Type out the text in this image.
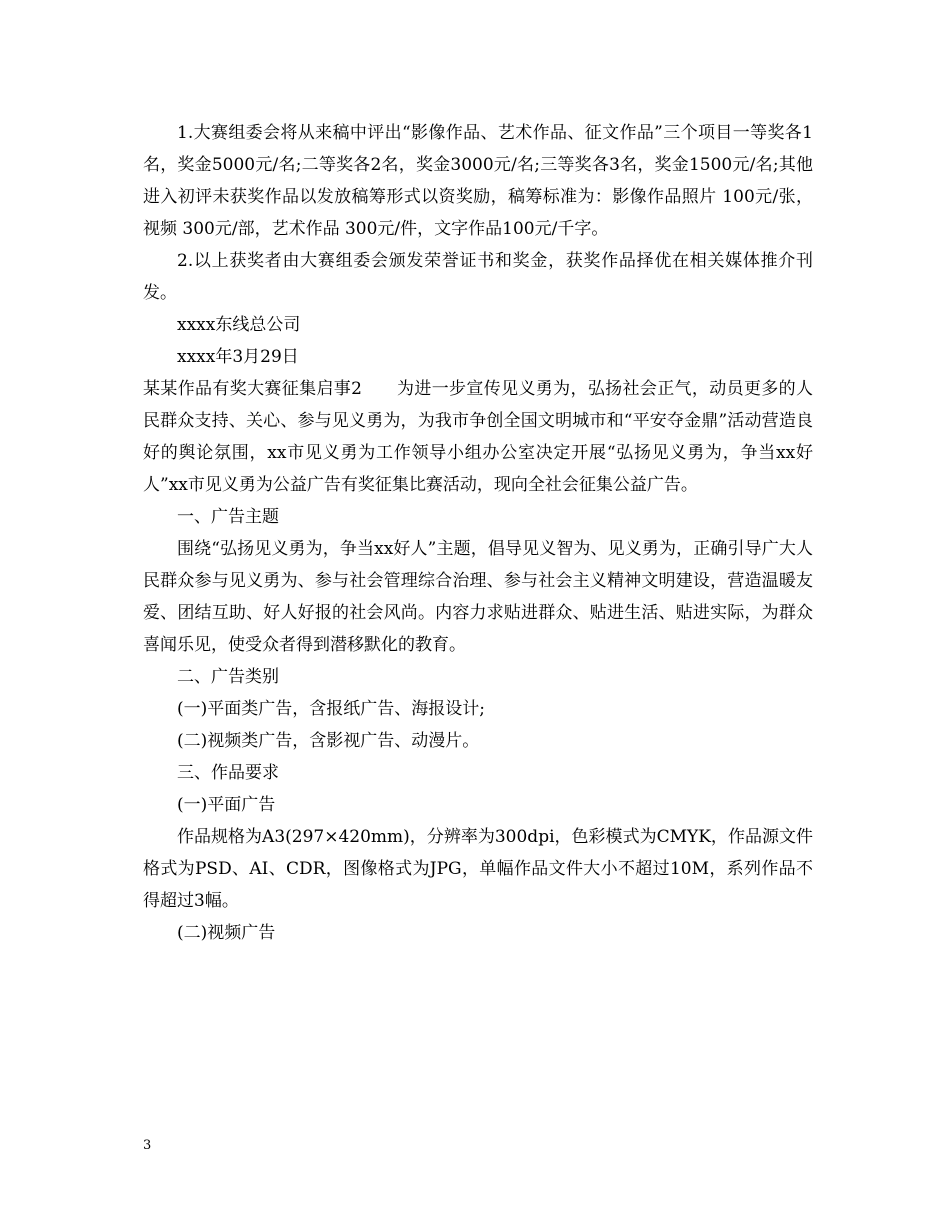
1.大赛组委会将从来稿中评出“影像作品、艺术作品、征文作品”三个项目一等奖各1名，奖金5000元/名;二等奖各2名，奖金3000元/名;三等奖各3名，奖金1500元/名;其他进入初评未获奖作品以发放稿筹形式以资奖励，稿筹标准为：影像作品照片 100元/张，视频 300元/部，艺术作品 300元/件，文字作品100元/千字。

2.以上获奖者由大赛组委会颁发荣誉证书和奖金，获奖作品择优在相关媒体推介刊发。

xxxx东线总公司

xxxx年3月29日

某某作品有奖大赛征集启事2　　为进一步宣传见义勇为，弘扬社会正气，动员更多的人民群众支持、关心、参与见义勇为，为我市争创全国文明城市和“平安夺金鼎”活动营造良好的舆论氛围，xx市见义勇为工作领导小组办公室决定开展“弘扬见义勇为，争当xx好人”xx市见义勇为公益广告有奖征集比赛活动，现向全社会征集公益广告。

一、广告主题

围绕“弘扬见义勇为，争当xx好人”主题，倡导见义智为、见义勇为，正确引导广大人民群众参与见义勇为、参与社会管理综合治理、参与社会主义精神文明建设，营造温暖友爱、团结互助、好人好报的社会风尚。内容力求贴进群众、贴进生活、贴进实际，为群众喜闻乐见，使受众者得到潜移默化的教育。

二、广告类别

(一)平面类广告，含报纸广告、海报设计;

(二)视频类广告，含影视广告、动漫片。

三、作品要求

(一)平面广告

作品规格为A3(297×420mm)，分辨率为300dpi，色彩模式为CMYK，作品源文件格式为PSD、AI、CDR，图像格式为JPG，单幅作品文件大小不超过10M，系列作品不得超过3幅。

(二)视频广告

3
